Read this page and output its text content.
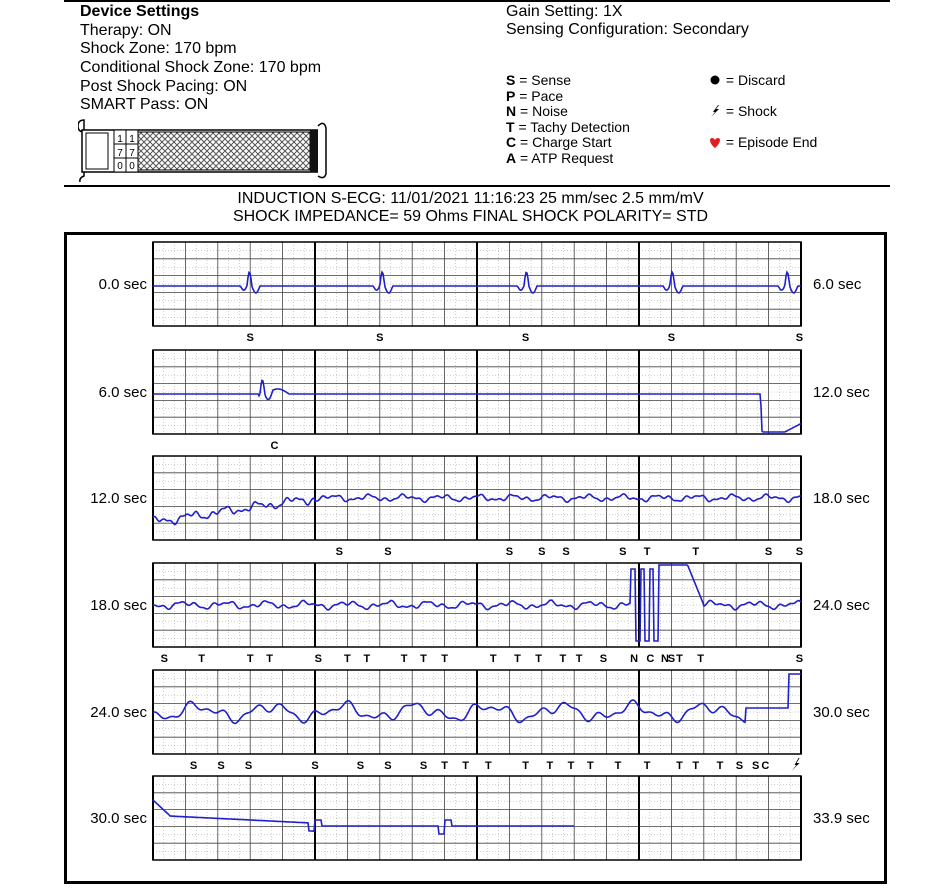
Device Settings
Therapy: ON
Shock Zone: 170 bpm
Conditional Shock Zone: 170 bpm
Post Shock Pacing: ON
SMART Pass: ON
1
7
0
1
7
0
Gain Setting: 1X
Sensing Configuration: Secondary
S = Sense
P = Pace
N = Noise
T = Tachy Detection
C = Charge Start
A = ATP Request
= Discard
= Shock
= Episode End
INDUCTION S-ECG: 11/01/2021 11:16:23 25 mm/sec 2.5 mm/mV
SHOCK IMPEDANCE= 59 Ohms FINAL SHOCK POLARITY= STD
0.0 sec	6.0 sec
S	S	S	S	S
6.0 sec	12.0 sec
C
12.0 sec	18.0 sec
S	S	S S S	S T	T	S S
18.0 sec	24.0 sec
S	T	T T	S T T	T T T	T T T T T S N C N
S T T	S
24.0 sec	30.0 sec
S S S	S	S S	S T T T	T T T T T T T T T S S C
30.0 sec	33.9 sec
